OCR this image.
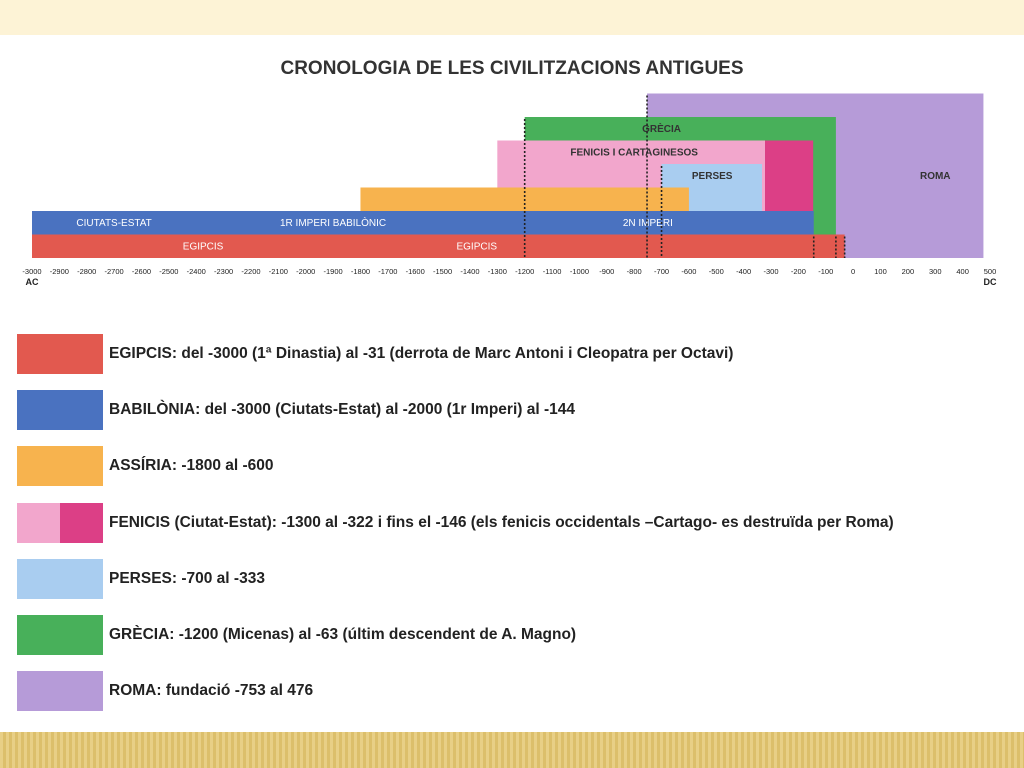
CRONOLOGIA DE LES CIVILITZACIONS ANTIGUES
ROMA
GRÈCIA
FENICIS I CARTAGINESOS
PERSES
CIUTATS-ESTAT	1R IMPERI BABILÒNIC	2N IMPERI
EGIPCIS	EGIPCIS
-3000 -2900 -2800 -2700 -2600 -2500 -2400 -2300 -2200 -2100 -2000 -1900 -1800 -1700 -1600 -1500 -1400 -1300 -1200 -1100 -1000 -900 -800 -700 -600 -500 -400 -300 -200 -100 0	100 200 300 400 500
AC	DC
EGIPCIS: del -3000 (1ª Dinastia) al -31 (derrota de Marc Antoni i Cleopatra per Octavi)
BABILÒNIA: del -3000 (Ciutats-Estat) al -2000 (1r Imperi) al -144
ASSÍRIA: -1800 al -600
FENICIS (Ciutat-Estat): -1300 al -322 i fins el -146 (els fenicis occidentals –Cartago- es destruïda per Roma)
PERSES: -700 al -333
GRÈCIA: -1200 (Micenas) al -63 (últim descendent de A. Magno)
ROMA: fundació -753 al 476
